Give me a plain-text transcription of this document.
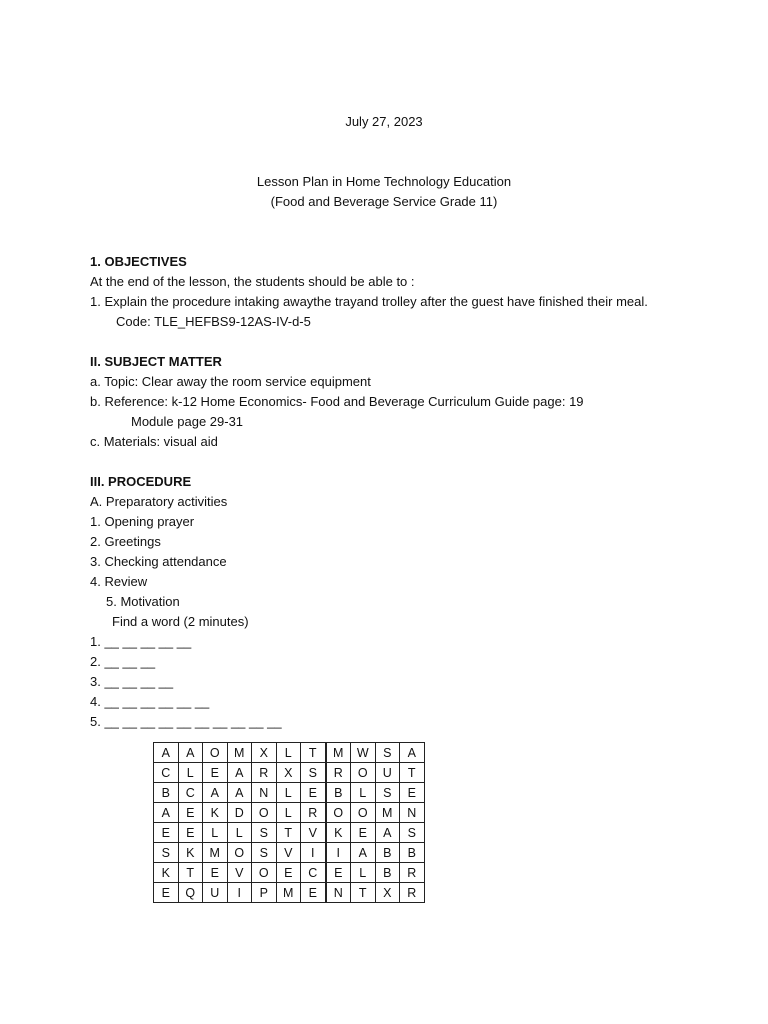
July 27, 2023
Lesson Plan in Home Technology Education
(Food and Beverage Service Grade 11)
1. OBJECTIVES
At the end of the lesson, the students should be able to :
1. Explain the procedure intaking awaythe trayand trolley after the guest have finished their meal.
Code: TLE_HEFBS9-12AS-IV-d-5
II. SUBJECT MATTER
a. Topic: Clear away the room service equipment
b. Reference: k-12 Home Economics- Food and Beverage Curriculum Guide page: 19
Module page 29-31
c. Materials: visual aid
III. PROCEDURE
A. Preparatory activities
1. Opening prayer
2. Greetings
3. Checking attendance
4. Review
5. Motivation
Find a word (2 minutes)
1. __ __ __ __ __
2. __ __ __
3. __ __ __ __
4. __ __ __ __ __ __
5. __ __ __ __ __ __ __ __ __ __
A	A	O	M	X	L	T	M	W	S	A
C	L	E	A	R	X	S	R	O	U	T
B	C	A	A	N	L	E	B	L	S	E
A	E	K	D	O	L	R	O	O	M	N
E	E	L	L	S	T	V	K	E	A	S
S	K	M	O	S	V	I	I	A	B	B
K	T	E	V	O	E	C	E	L	B	R
E	Q	U	I	P	M	E	N	T	X	R
